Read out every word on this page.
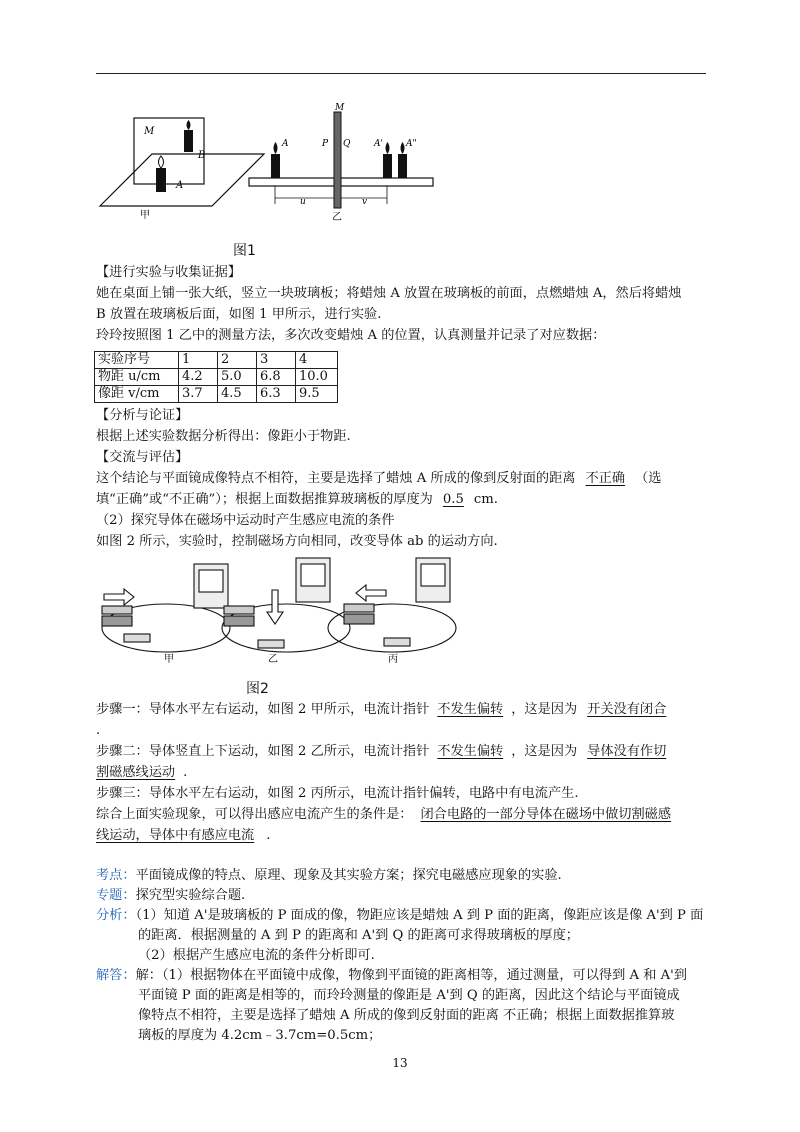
M
B
A
甲
M
P Q
A	A'	A"
u	v
乙
图1
【进行实验与收集证据】
她在桌面上铺一张大纸，竖立一块玻璃板；将蜡烛 A 放置在玻璃板的前面，点燃蜡烛 A，然后将蜡烛
B 放置在玻璃板后面，如图 1 甲所示，进行实验.
玲玲按照图 1 乙中的测量方法，多次改变蜡烛 A 的位置，认真测量并记录了对应数据：
实验序号	1	2	3	4
物距 u/cm	4.2	5.0	6.8	10.0
像距 v/cm	3.7	4.5	6.3	9.5
【分析与论证】
根据上述实验数据分析得出：像距小于物距.
【交流与评估】
这个结论与平面镜成像特点不相符，主要是选择了蜡烛 A 所成的像到反射面的距离 不正确 （选
填“正确”或“不正确”）；根据上面数据推算玻璃板的厚度为 0.5 cm.
（2）探究导体在磁场中运动时产生感应电流的条件
如图 2 所示，实验时，控制磁场方向相同，改变导体 ab 的运动方向.
甲	乙	丙
图2
步骤一：导体水平左右运动，如图 2 甲所示，电流计指针 不发生偏转 ，这是因为 开关没有闭合
.
步骤二：导体竖直上下运动，如图 2 乙所示，电流计指针 不发生偏转 ，这是因为 导体没有作切
割磁感线运动 .
步骤三：导体水平左右运动，如图 2 丙所示，电流计指针偏转，电路中有电流产生.
综合上面实验现象，可以得出感应电流产生的条件是： 闭合电路的一部分导体在磁场中做切割磁感
线运动，导体中有感应电流 .
考点：平面镜成像的特点、原理、现象及其实验方案；探究电磁感应现象的实验.
专题：探究型实验综合题.
分析：（1）知道 A'是玻璃板的 P 面成的像，物距应该是蜡烛 A 到 P 面的距离，像距应该是像 A'到 P 面
的距离．根据测量的 A 到 P 的距离和 A'到 Q 的距离可求得玻璃板的厚度；
（2）根据产生感应电流的条件分析即可.
解答：解：（1）根据物体在平面镜中成像，物像到平面镜的距离相等，通过测量，可以得到 A 和 A'到
平面镜 P 面的距离是相等的，而玲玲测量的像距是 A'到 Q 的距离，因此这个结论与平面镜成
像特点不相符，主要是选择了蜡烛 A 所成的像到反射面的距离 不正确；根据上面数据推算玻
璃板的厚度为 4.2cm﹣3.7cm=0.5cm；
13
